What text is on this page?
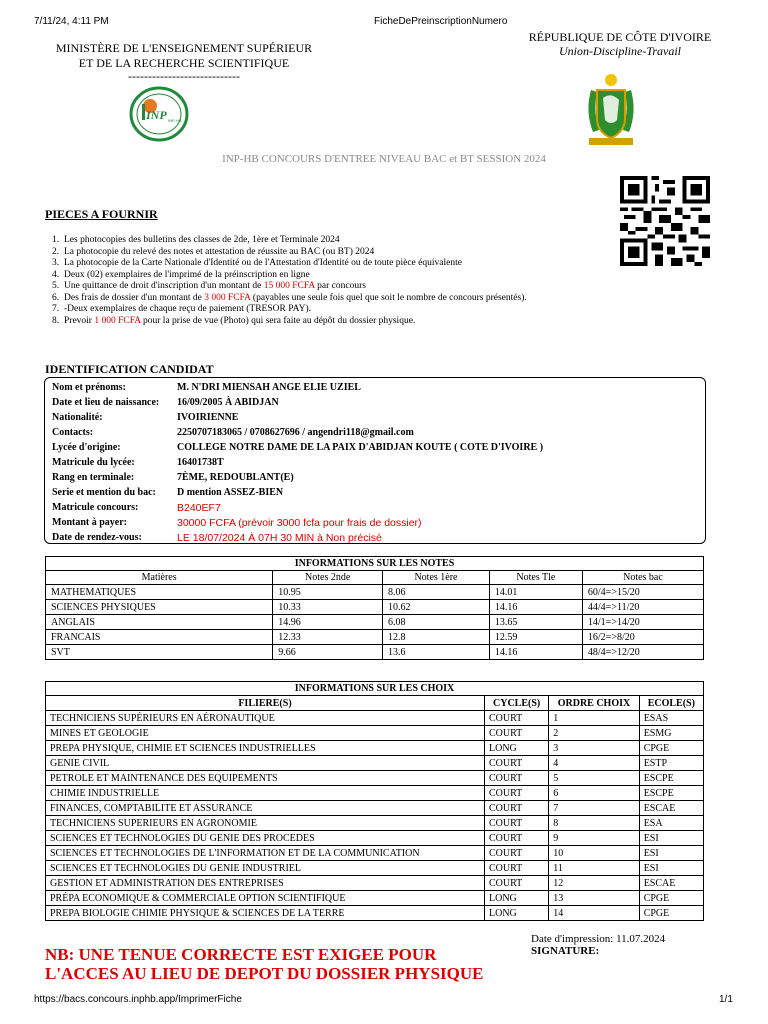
7/11/24, 4:11 PM	FicheDePreinscriptionNumero
MINISTÈRE DE L'ENSEIGNEMENT SUPÉRIEUR
ET DE LA RECHERCHE SCIENTIFIQUE
----------------------------
RÉPUBLIQUE DE CÔTE D'IVOIRE
Union-Discipline-Travail
INP INP-HB
INP-HB CONCOURS D'ENTREE NIVEAU BAC et BT SESSION 2024
PIECES A FOURNIR
1. Les photocopies des bulletins des classes de 2de, 1ère et Terminale 2024
2. La photocopie du relevé des notes et attestation de réussite au BAC (ou BT) 2024
3. La photocopie de la Carte Nationale d'Identité ou de l'Attestation d'Identité ou de toute pièce équivalente
4. Deux (02) exemplaires de l'imprimé de la préinscription en ligne
5. Une quittance de droit d'inscription d'un montant de 15 000 FCFA par concours
6. Des frais de dossier d'un montant de 3 000 FCFA (payables une seule fois quel que soit le nombre de concours présentés).
7. -Deux exemplaires de chaque reçu de paiement (TRESOR PAY).
8. Prevoir 1 000 FCFA pour la prise de vue (Photo) qui sera faite au dépôt du dossier physique.
IDENTIFICATION CANDIDAT
Nom et prénoms:	M. N'DRI MIENSAH ANGE ELIE UZIEL
Date et lieu de naissance:	16/09/2005 À ABIDJAN
Nationalité:	IVOIRIENNE
Contacts:	2250707183065 / 0708627696 / angendri118@gmail.com
Lycée d'origine:	COLLEGE NOTRE DAME DE LA PAIX D'ABIDJAN KOUTE ( COTE D'IVOIRE )
Matricule du lycée:	16401738T
Rang en terminale:	7ÈME, REDOUBLANT(E)
Serie et mention du bac:	D mention ASSEZ-BIEN
Matricule concours:	B240EF7
Montant à payer:	30000 FCFA (prévoir 3000 fcfa pour frais de dossier)
Date de rendez-vous:	LE 18/07/2024 À 07H 30 MIN à Non précisé
INFORMATIONS SUR LES NOTES				
Matières	Notes 2nde	Notes 1ère	Notes Tle	Notes bac
MATHEMATIQUES	10.95	8.06	14.01	60/4=>15/20
SCIENCES PHYSIQUES	10.33	10.62	14.16	44/4=>11/20
ANGLAIS	14.96	6.08	13.65	14/1=>14/20
FRANCAIS	12.33	12.8	12.59	16/2=>8/20
SVT	9.66	13.6	14.16	48/4=>12/20
INFORMATIONS SUR LES CHOIX			
FILIERE(S)	CYCLE(S)	ORDRE CHOIX	ECOLE(S)
TECHNICIENS SUPÉRIEURS EN AÉRONAUTIQUE	COURT	1	ESAS
MINES ET GEOLOGIE	COURT	2	ESMG
PREPA PHYSIQUE, CHIMIE ET SCIENCES INDUSTRIELLES	LONG	3	CPGE
GENIE CIVIL	COURT	4	ESTP
PETROLE ET MAINTENANCE DES EQUIPEMENTS	COURT	5	ESCPE
CHIMIE INDUSTRIELLE	COURT	6	ESCPE
FINANCES, COMPTABILITE ET ASSURANCE	COURT	7	ESCAE
TECHNICIENS SUPERIEURS EN AGRONOMIE	COURT	8	ESA
SCIENCES ET TECHNOLOGIES DU GENIE DES PROCEDES	COURT	9	ESI
SCIENCES ET TECHNOLOGIES DE L'INFORMATION ET DE LA COMMUNICATION	COURT	10	ESI
SCIENCES ET TECHNOLOGIES DU GENIE INDUSTRIEL	COURT	11	ESI
GESTION ET ADMINISTRATION DES ENTREPRISES	COURT	12	ESCAE
PRÉPA ECONOMIQUE & COMMERCIALE OPTION SCIENTIFIQUE	LONG	13	CPGE
PREPA BIOLOGIE CHIMIE PHYSIQUE & SCIENCES DE LA TERRE	LONG	14	CPGE
NB: UNE TENUE CORRECTE EST EXIGEE POUR
L'ACCES AU LIEU DE DEPOT DU DOSSIER PHYSIQUE
Date d'impression: 11.07.2024
SIGNATURE:
https://bacs.concours.inphb.app/ImprimerFiche	1/1
